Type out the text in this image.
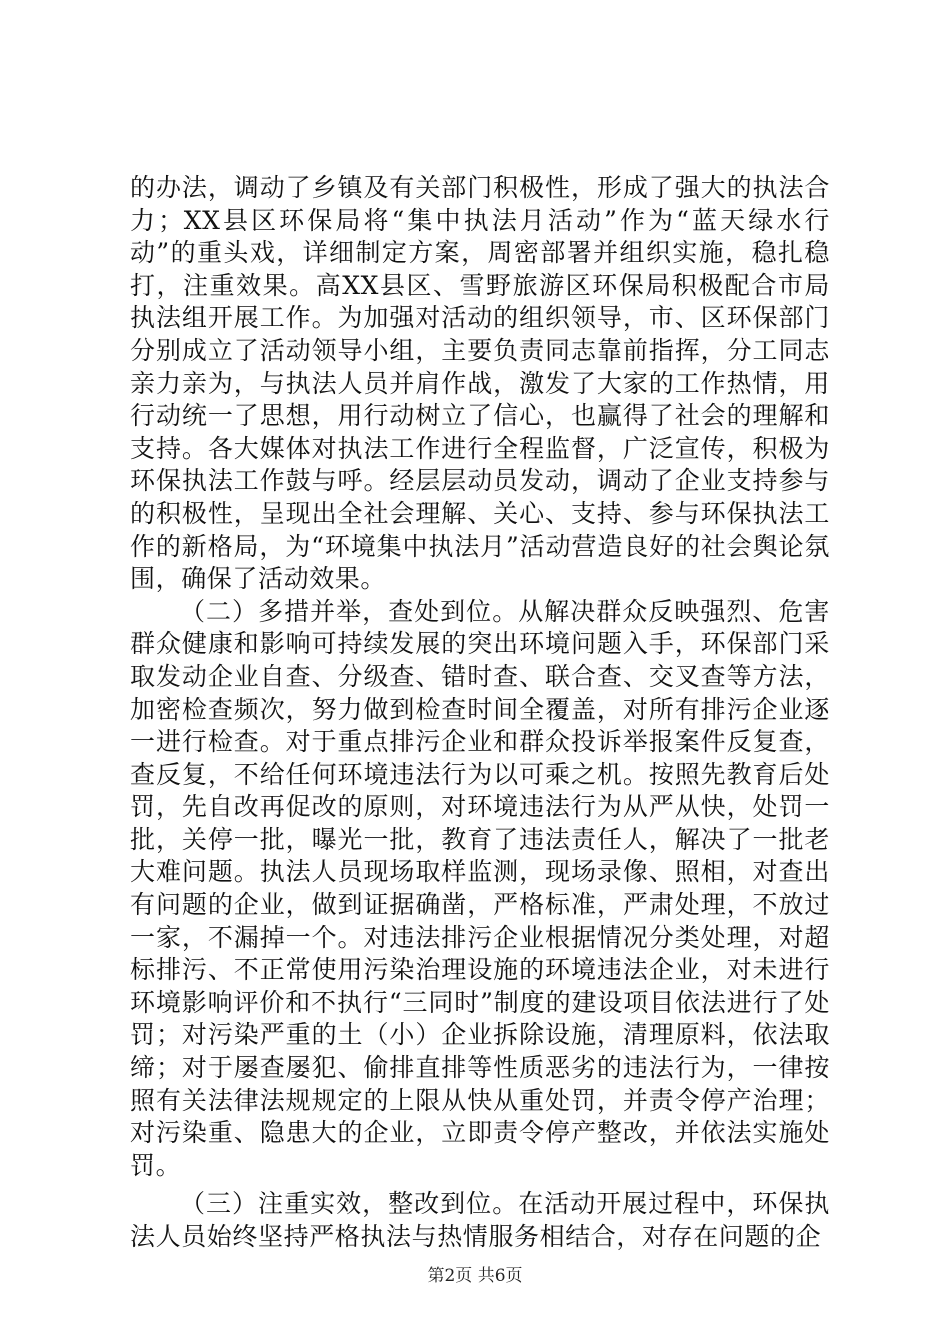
的办法，调动了乡镇及有关部门积极性，形成了强大的执法合力；XX县区环保局将“集中执法月活动”作为“蓝天绿水行动”的重头戏，详细制定方案，周密部署并组织实施，稳扎稳打，注重效果。高XX县区、雪野旅游区环保局积极配合市局执法组开展工作。为加强对活动的组织领导，市、区环保部门分别成立了活动领导小组，主要负责同志靠前指挥，分工同志亲力亲为，与执法人员并肩作战，激发了大家的工作热情，用行动统一了思想，用行动树立了信心，也赢得了社会的理解和支持。各大媒体对执法工作进行全程监督，广泛宣传，积极为环保执法工作鼓与呼。经层层动员发动，调动了企业支持参与的积极性，呈现出全社会理解、关心、支持、参与环保执法工作的新格局，为“环境集中执法月”活动营造良好的社会舆论氛围，确保了活动效果。

（二）多措并举，查处到位。从解决群众反映强烈、危害群众健康和影响可持续发展的突出环境问题入手，环保部门采取发动企业自查、分级查、错时查、联合查、交叉查等方法，加密检查频次，努力做到检查时间全覆盖，对所有排污企业逐一进行检查。对于重点排污企业和群众投诉举报案件反复查，查反复，不给任何环境违法行为以可乘之机。按照先教育后处罚，先自改再促改的原则，对环境违法行为从严从快，处罚一批，关停一批，曝光一批，教育了违法责任人，解决了一批老大难问题。执法人员现场取样监测，现场录像、照相，对查出有问题的企业，做到证据确凿，严格标准，严肃处理，不放过一家，不漏掉一个。对违法排污企业根据情况分类处理，对超标排污、不正常使用污染治理设施的环境违法企业，对未进行环境影响评价和不执行“三同时”制度的建设项目依法进行了处罚；对污染严重的土（小）企业拆除设施，清理原料，依法取缔；对于屡查屡犯、偷排直排等性质恶劣的违法行为，一律按照有关法律法规规定的上限从快从重处罚，并责令停产治理；对污染重、隐患大的企业，立即责令停产整改，并依法实施处罚。

（三）注重实效，整改到位。在活动开展过程中，环保执法人员始终坚持严格执法与热情服务相结合，对存在问题的企

第2页 共6页
